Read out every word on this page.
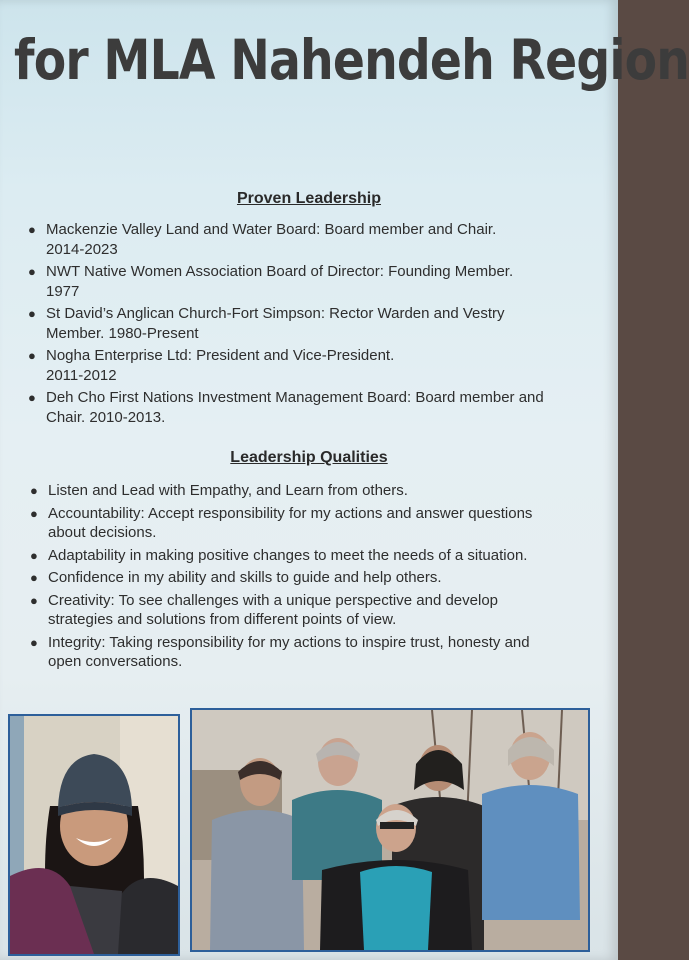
for MLA Nahendeh Region
Proven Leadership
● Mackenzie Valley Land and Water Board: Board member and Chair.
2014-2023
● NWT Native Women Association Board of Director: Founding Member.
1977
● St David’s Anglican Church-Fort Simpson: Rector Warden and Vestry
Member. 1980-Present
● Nogha Enterprise Ltd: President and Vice-President.
2011-2012
● Deh Cho First Nations Investment Management Board: Board member and
Chair. 2010-2013.
Leadership Qualities
● Listen and Lead with Empathy, and Learn from others.
● Accountability: Accept responsibility for my actions and answer questions
about decisions.
● Adaptability in making positive changes to meet the needs of a situation.
● Confidence in my ability and skills to guide and help others.
● Creativity: To see challenges with a unique perspective and develop
strategies and solutions from different points of view.
● Integrity: Taking responsibility for my actions to inspire trust, honesty and
open conversations.
